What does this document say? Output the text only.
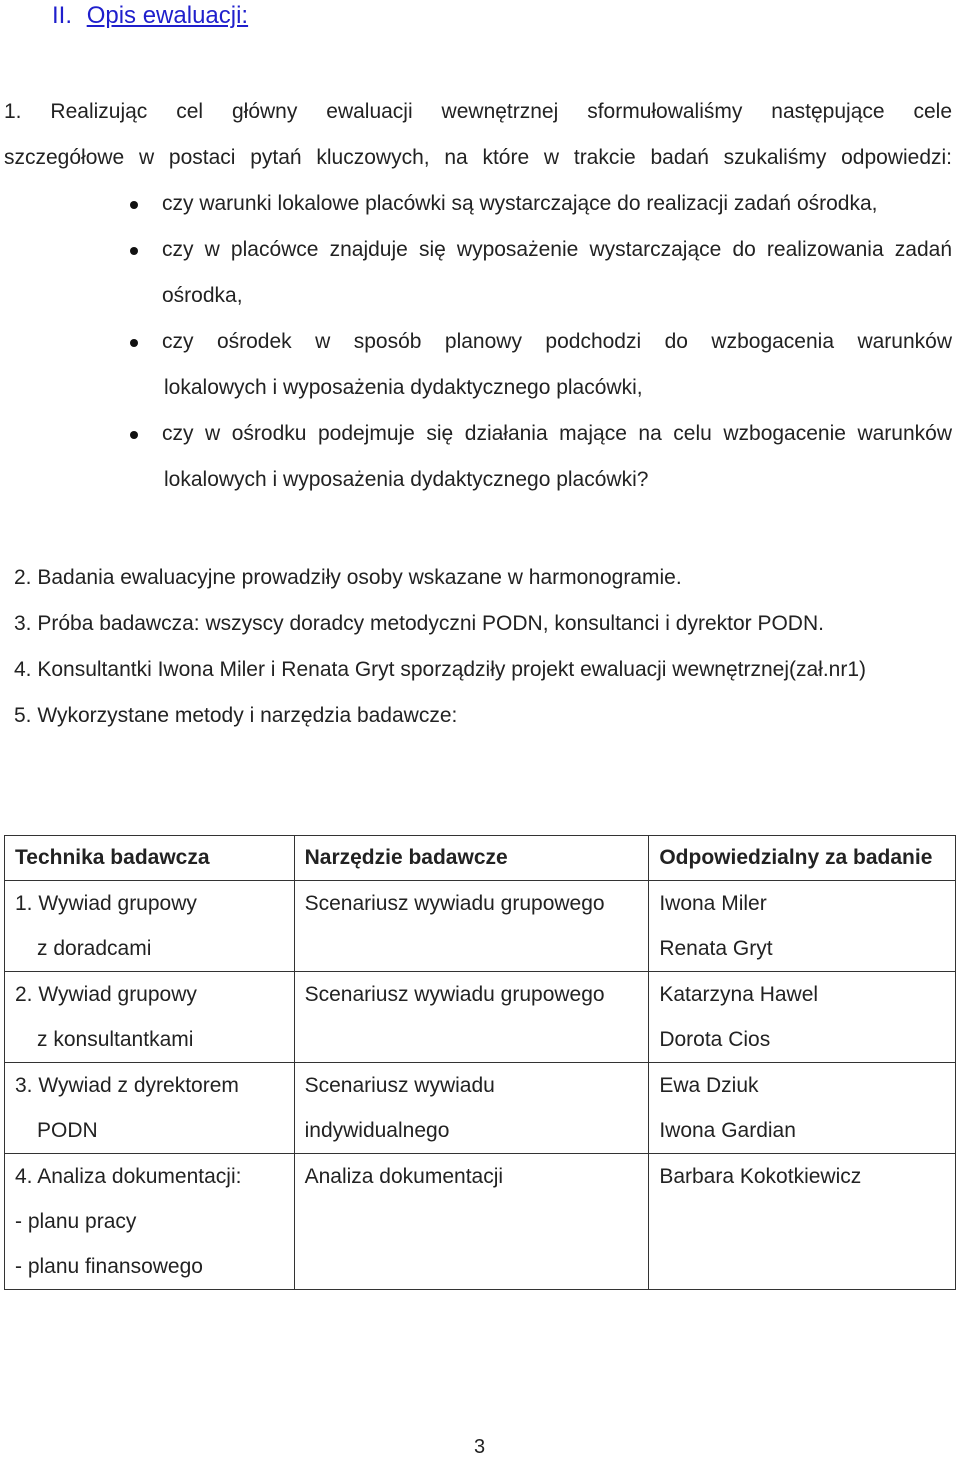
II. Opis ewaluacji:
1. Realizując cel główny ewaluacji wewnętrznej sformułowaliśmy następujące cele
szczegółowe w postaci pytań kluczowych, na które w trakcie badań szukaliśmy odpowiedzi:
czy warunki lokalowe placówki są wystarczające do realizacji zadań ośrodka,
czy w placówce znajduje się wyposażenie wystarczające do realizowania zadań
ośrodka,
czy ośrodek w sposób planowy podchodzi do wzbogacenia warunków
lokalowych i wyposażenia dydaktycznego placówki,
czy w ośrodku podejmuje się działania mające na celu wzbogacenie warunków
lokalowych i wyposażenia dydaktycznego placówki?
2. Badania ewaluacyjne prowadziły osoby wskazane w harmonogramie.
3. Próba badawcza: wszyscy doradcy metodyczni PODN, konsultanci i dyrektor PODN.
4. Konsultantki Iwona Miler i Renata Gryt sporządziły projekt ewaluacji wewnętrznej(zał.nr1)
5. Wykorzystane metody i narzędzia badawcze:
Technika badawcza	Narzędzie badawcze	Odpowiedzialny za badanie

1. Wywiad grupowy
z doradcami	Scenariusz wywiadu grupowego	Iwona Miler
Renata Gryt

2. Wywiad grupowy
z konsultantkami	Scenariusz wywiadu grupowego	Katarzyna Hawel
Dorota Cios

3. Wywiad z dyrektorem
PODN	Scenariusz wywiadu
indywidualnego	Ewa Dziuk
Iwona Gardian

4. Analiza dokumentacji:
- planu pracy
- planu finansowego	Analiza dokumentacji	Barbara Kokotkiewicz
3
